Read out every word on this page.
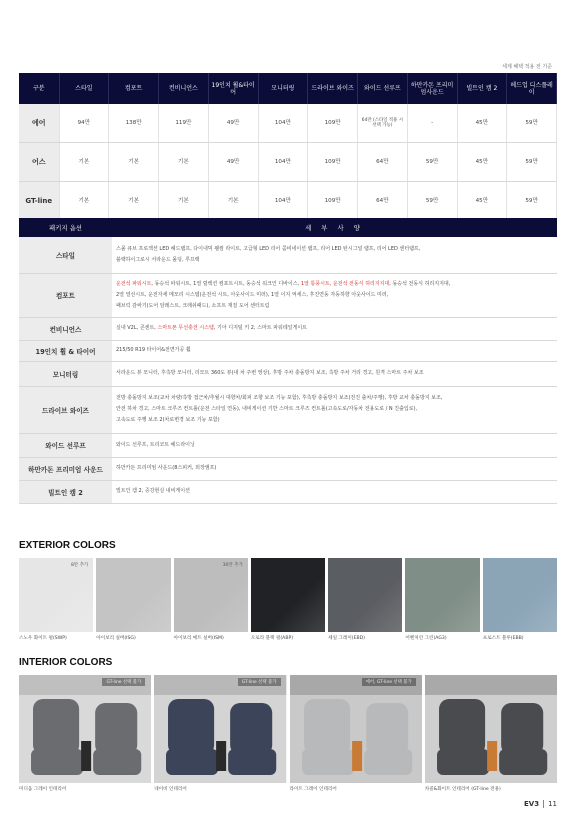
세제 혜택 적용 전 기준
구분	스타일	컴포트	컨비니언스	19인치 휠&타이어	모니터링	드라이브 와이즈	와이드 선루프	하만카돈 프리미엄사운드	빌트인 캠 2	헤드업 디스플레이
에어	94만	138만	119만	49만	104만	109만	64만 (스타일 적용 시 선택 가능)	-	45만	59만
어스	기본	기본	기본	49만	104만	109만	64만	59만	45만	59만
GT-line	기본	기본	기본	기본	104만	109만	64만	59만	45만	59만
패키지 옵션	세 부 사 양
스타일	스몰 큐브 프로젝션 LED 헤드램프, 다이내믹 웰컴 라이트, 고급형 LED 리어 콤비네이션 램프, 리어 LED 턴시그널 램프, 리어 LED 센터램프,
블랙하이그로시 서라운드 몰딩, 루프랙

컴포트	운전석 파워시트, 동승석 파워시트, 1열 릴렉션 컴포트시트, 동승석 워크인 디바이스, 1열 통풍시트, 운전석 전동식 허리지지대, 동승석 전동식 허리지지대,
2열 열선시트, 운전자세 메모리 시스템(운전석 시트, 아웃사이드 미러), 1열 이지 억세스, 후진연동 자동하향 아웃사이드 미러,
패브릭 감싸기(도어 암레스트, 크래쉬패드), 소프트 재질 도어 센터트림

컨비니언스	실내 V2L, 콘센트, 스마트폰 무선충전 시스템, 기아 디지털 키 2, 스마트 파워테일게이트
19인치 휠 & 타이어	215/50 R19 타이어&전면가공 휠
모니터링	서라운드 뷰 모니터, 후측방 모니터, 리모트 360도 뷰(내 차 주변 영상), 후방 주차 충돌방지 보조, 측방 주차 거리 경고, 원격 스마트 주차 보조
드라이브 와이즈	전방 충돌방지 보조(교차 차량/측방 접근차/추월시 대향차/회피 조향 보조 기능 포함), 후측방 충돌방지 보조(전진 출차/주행), 후방 교차 충돌방지 보조,
안전 하차 경고, 스마트 크루즈 컨트롤(운전 스타일 연동), 내비게이션 기반 스마트 크루즈 컨트롤(고속도로/자동차 전용도로 / N 진출입로),
고속도로 주행 보조 2(차로변경 보조 기능 포함)

와이드 선루프	와이드 선루프, 트리코트 헤드라이닝
하만카돈 프리미엄 사운드	하만카돈 프리미엄 사운드(8스피커, 외장앰프)
빌트인 캠 2	빌트인 캠 2, 증강현실 내비게이션
EXTERIOR COLORS
8만 추가
스노우 화이트 펄(SWP)	아이보리 실버(ISG)
30만 추가
아이보리 매트 실버(ISM)	오로라 블랙 펄(ABP)	셰일 그레이(EBD)	어벤처린 그린(AG3)	프로스트 블루(EBB)
INTERIOR COLORS
GT-line 선택 불가
미디움 그레이 인테리어
GT-line 선택 불가
네이비 인테리어
에어, GT-line 선택 불가
라이트 그레이 인테리어	차콜&화이트 인테리어 (GT-line 전용)
EV3 11
